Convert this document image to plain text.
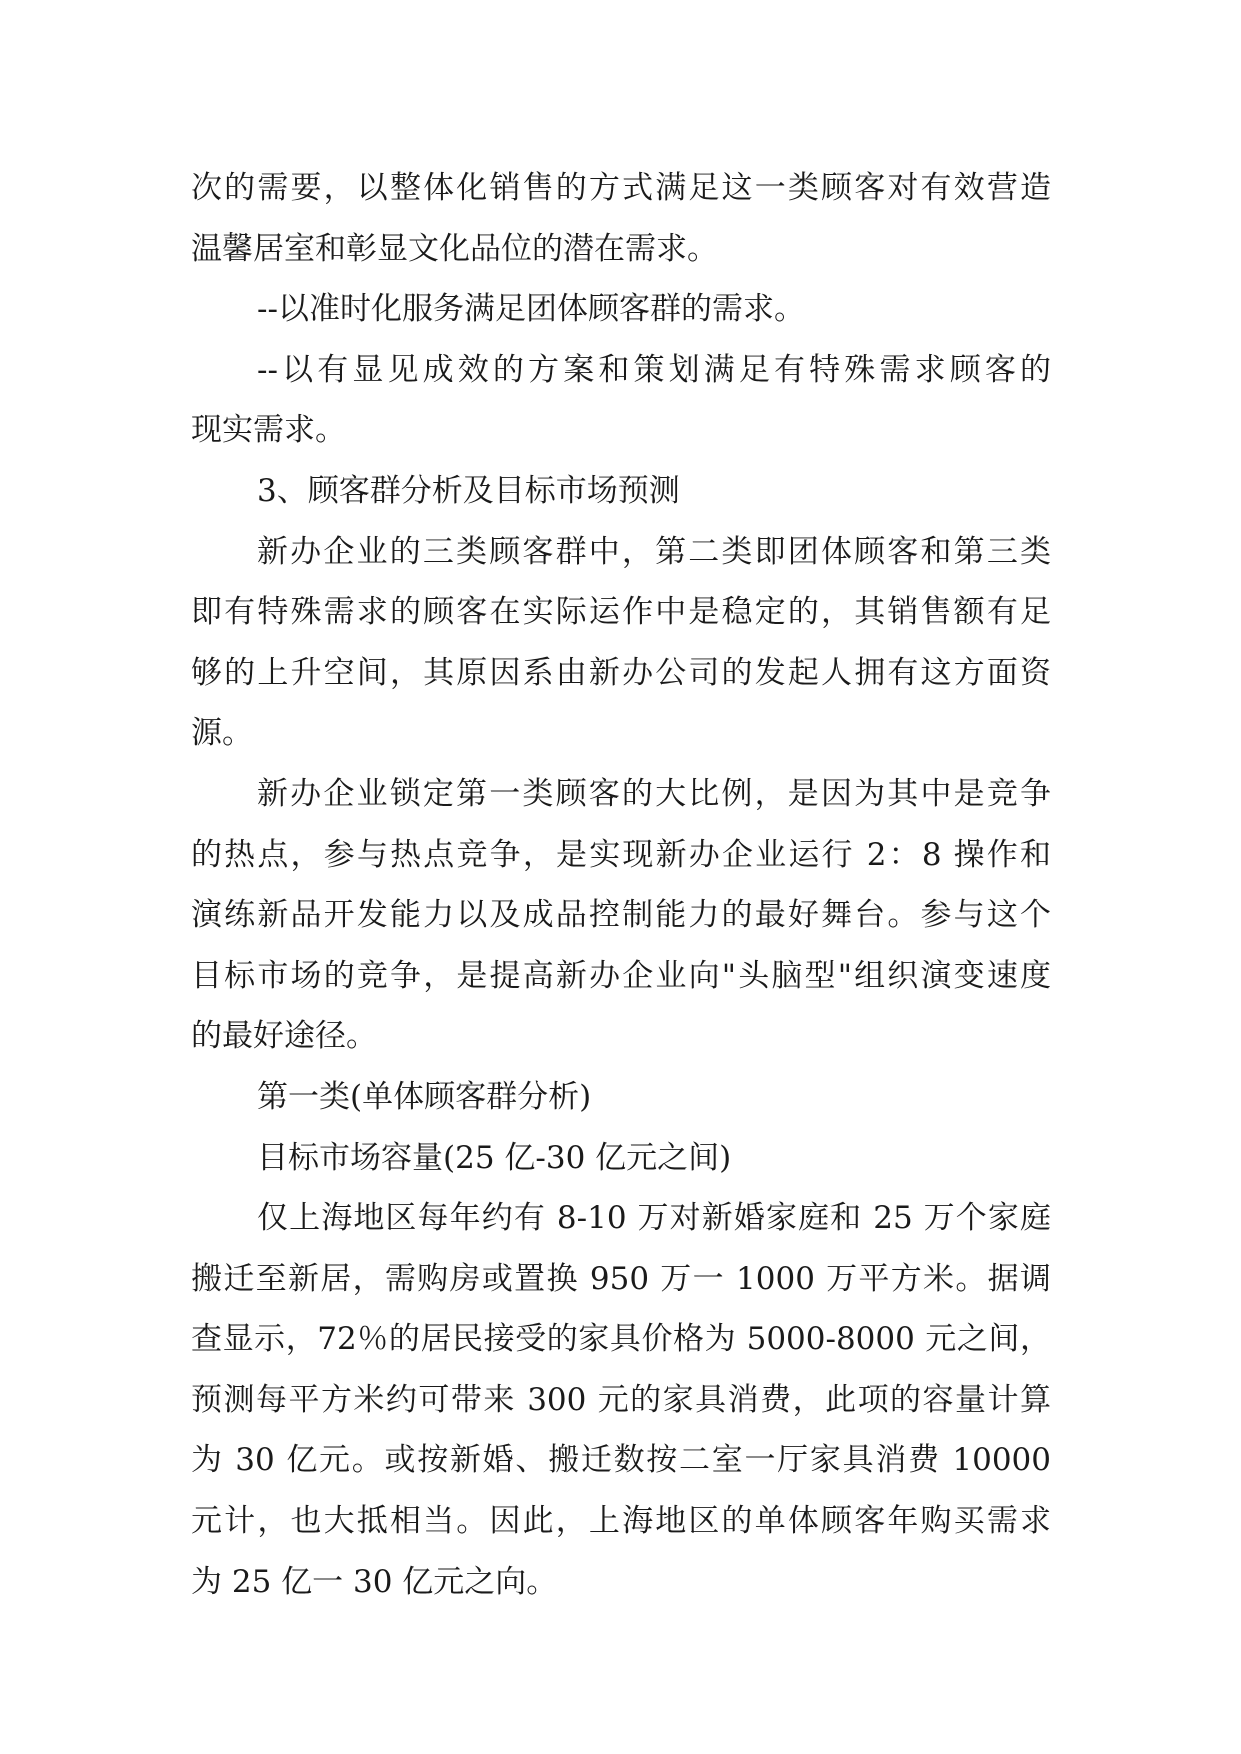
次的需要，以整体化销售的方式满足这一类顾客对有效营造
温馨居室和彰显文化品位的潜在需求。
--以准时化服务满足团体顾客群的需求。
--以有显见成效的方案和策划满足有特殊需求顾客的
现实需求。
3、顾客群分析及目标市场预测
新办企业的三类顾客群中，第二类即团体顾客和第三类
即有特殊需求的顾客在实际运作中是稳定的，其销售额有足
够的上升空间，其原因系由新办公司的发起人拥有这方面资
源。
新办企业锁定第一类顾客的大比例，是因为其中是竞争
的热点，参与热点竞争，是实现新办企业运行 2：8 操作和
演练新品开发能力以及成品控制能力的最好舞台。参与这个
目标市场的竞争，是提高新办企业向"头脑型"组织演变速度
的最好途径。
第一类(单体顾客群分析)
目标市场容量(25 亿-30 亿元之间)
仅上海地区每年约有 8-10 万对新婚家庭和 25 万个家庭
搬迁至新居，需购房或置换 950 万一 1000 万平方米。据调
查显示，72％的居民接受的家具价格为 5000-8000 元之间，
预测每平方米约可带来 300 元的家具消费，此项的容量计算
为 30 亿元。或按新婚、搬迁数按二室一厅家具消费 10000
元计，也大抵相当。因此，上海地区的单体顾客年购买需求
为 25 亿一 30 亿元之向。
